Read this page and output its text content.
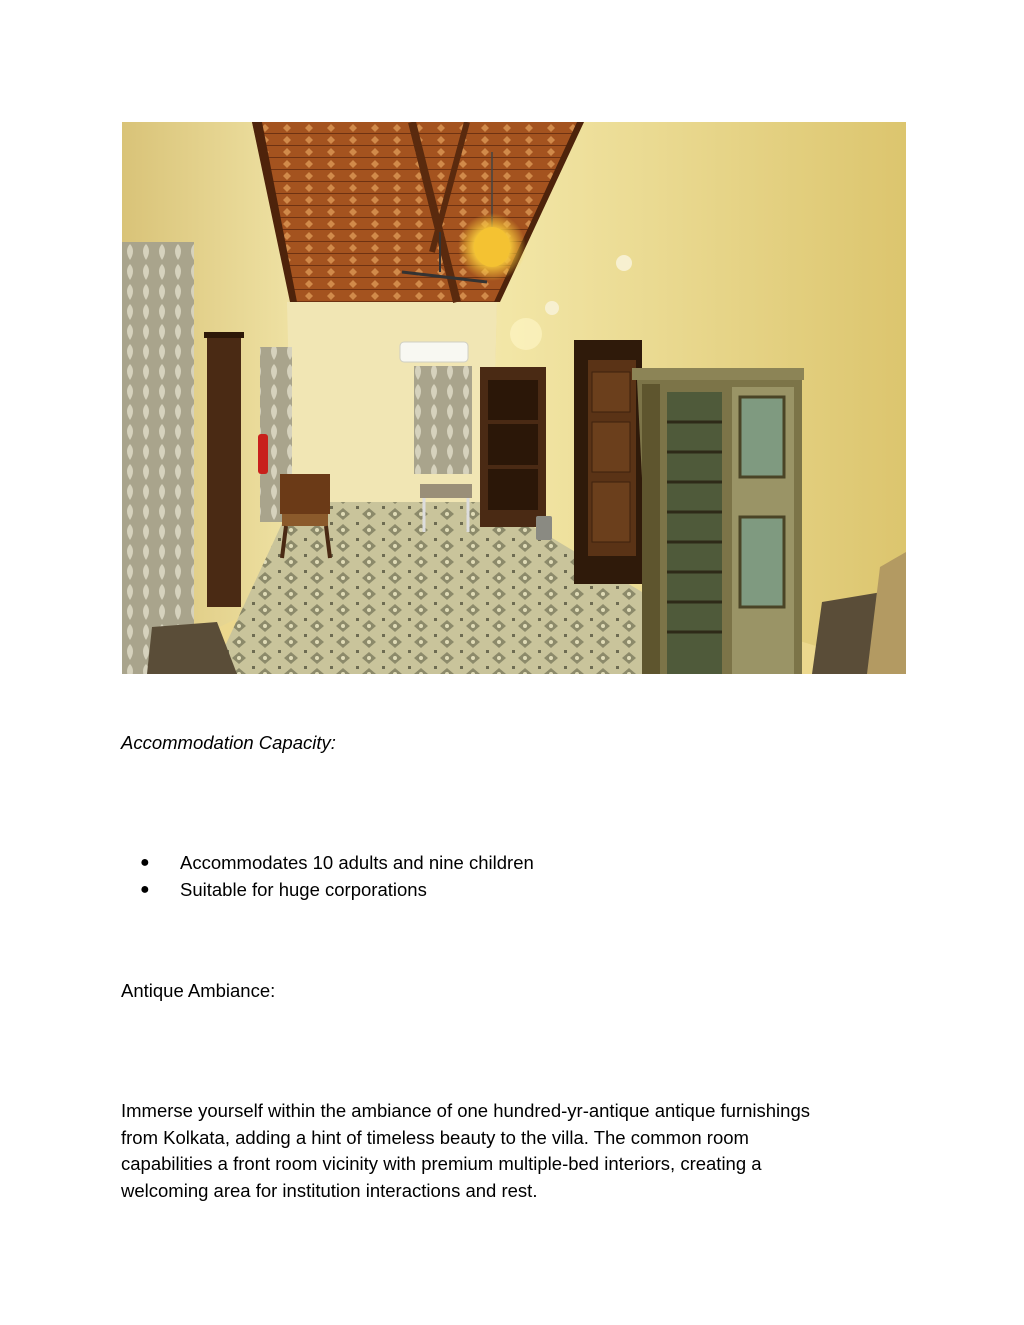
Accommodation Capacity:

● Accommodates 10 adults and nine children
● Suitable for huge corporations

Antique Ambiance:

Immerse yourself within the ambiance of one hundred-yr-antique antique furnishings
from Kolkata, adding a hint of timeless beauty to the villa. The common room
capabilities a front room vicinity with premium multiple-bed interiors, creating a
welcoming area for institution interactions and rest.
